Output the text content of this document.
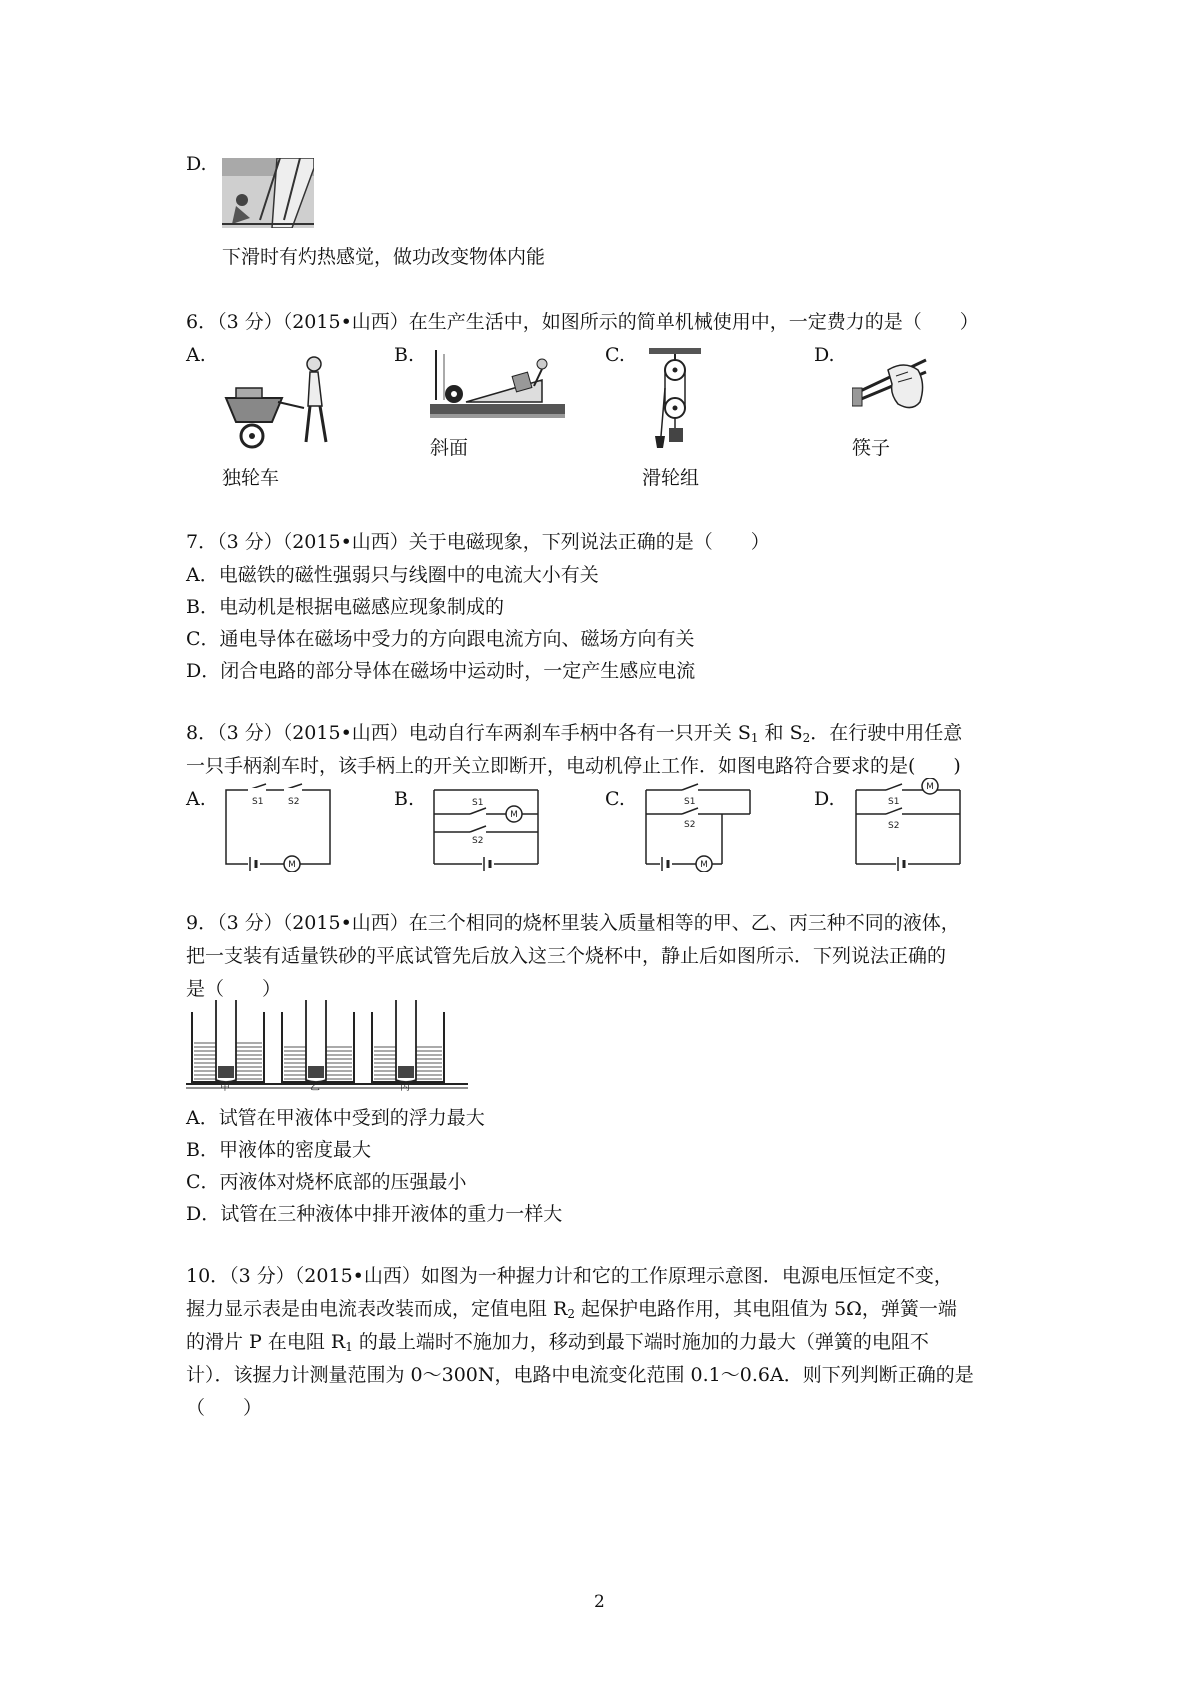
D.
下滑时有灼热感觉，做功改变物体内能
6．（3 分）（2015•山西）在生产生活中，如图所示的简单机械使用中，一定费力的是（　　）
A.	B.	C.	D.
独轮车
斜面
滑轮组
筷子
7．（3 分）（2015•山西）关于电磁现象，下列说法正确的是（　　）
A．电磁铁的磁性强弱只与线圈中的电流大小有关
B．电动机是根据电磁感应现象制成的
C．通电导体在磁场中受力的方向跟电流方向、磁场方向有关
D．闭合电路的部分导体在磁场中运动时，一定产生感应电流
8．（3 分）（2015•山西）电动自行车两刹车手柄中各有一只开关 $S_1$ 和 $S_2$．在行驶中用任意
一只手柄刹车时，该手柄上的开关立即断开，电动机停止工作．如图电路符合要求的是(　　)
A.	B.	C.	D.
S1	S2
M
S1
S2
M
S1
S2
M
S1
S2
M
9．（3 分）（2015•山西）在三个相同的烧杯里装入质量相等的甲、乙、丙三种不同的液体，
把一支装有适量铁砂的平底试管先后放入这三个烧杯中，静止后如图所示．下列说法正确的
是（　　）
甲	乙	丙
A．试管在甲液体中受到的浮力最大
B．甲液体的密度最大
C．丙液体对烧杯底部的压强最小
D．试管在三种液体中排开液体的重力一样大
10．（3 分）（2015•山西）如图为一种握力计和它的工作原理示意图．电源电压恒定不变，
握力显示表是由电流表改装而成，定值电阻 $R_2$ 起保护电路作用，其电阻值为 5Ω，弹簧一端
的滑片 P 在电阻 $R_1$ 的最上端时不施加力，移动到最下端时施加的力最大（弹簧的电阻不
计）．该握力计测量范围为 0～300N，电路中电流变化范围 0.1～0.6A．则下列判断正确的是
（　　）
2
